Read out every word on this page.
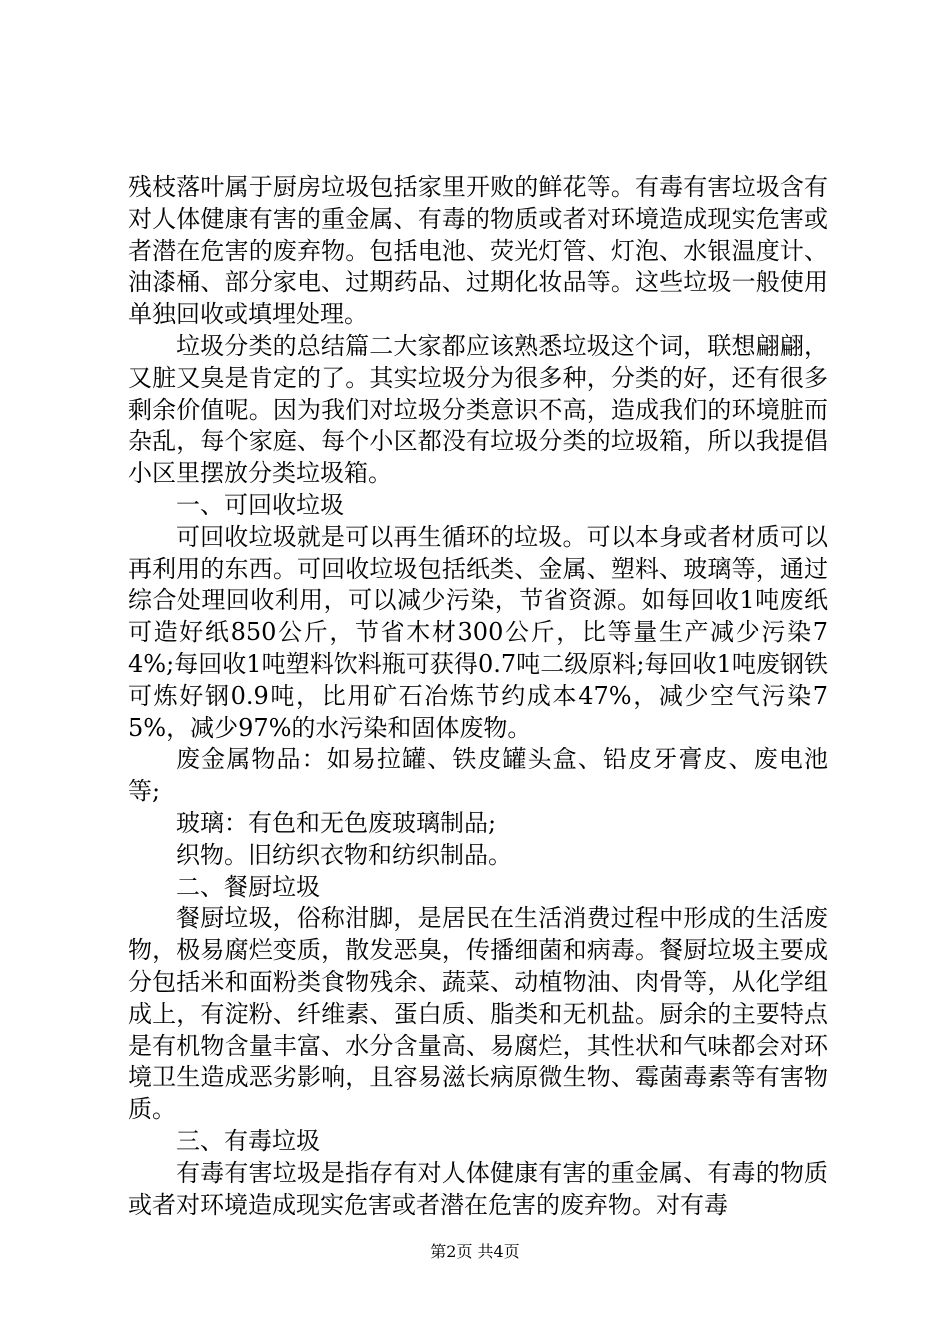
残枝落叶属于厨房垃圾包括家里开败的鲜花等。有毒有害垃圾含有对人体健康有害的重金属、有毒的物质或者对环境造成现实危害或者潜在危害的废弃物。包括电池、荧光灯管、灯泡、水银温度计、油漆桶、部分家电、过期药品、过期化妆品等。这些垃圾一般使用单独回收或填埋处理。

垃圾分类的总结篇二大家都应该熟悉垃圾这个词，联想翩翩，又脏又臭是肯定的了。其实垃圾分为很多种，分类的好，还有很多剩余价值呢。因为我们对垃圾分类意识不高，造成我们的环境脏而杂乱，每个家庭、每个小区都没有垃圾分类的垃圾箱，所以我提倡小区里摆放分类垃圾箱。

一、可回收垃圾

可回收垃圾就是可以再生循环的垃圾。可以本身或者材质可以再利用的东西。可回收垃圾包括纸类、金属、塑料、玻璃等，通过综合处理回收利用，可以减少污染，节省资源。如每回收1吨废纸可造好纸850公斤，节省木材300公斤，比等量生产减少污染74%;每回收1吨塑料饮料瓶可获得0.7吨二级原料;每回收1吨废钢铁可炼好钢0.9吨，比用矿石冶炼节约成本47%，减少空气污染75%，减少97%的水污染和固体废物。

废金属物品：如易拉罐、铁皮罐头盒、铅皮牙膏皮、废电池等;

玻璃：有色和无色废玻璃制品;

织物。旧纺织衣物和纺织制品。

二、餐厨垃圾

餐厨垃圾，俗称泔脚，是居民在生活消费过程中形成的生活废物，极易腐烂变质，散发恶臭，传播细菌和病毒。餐厨垃圾主要成分包括米和面粉类食物残余、蔬菜、动植物油、肉骨等，从化学组成上，有淀粉、纤维素、蛋白质、脂类和无机盐。厨余的主要特点是有机物含量丰富、水分含量高、易腐烂，其性状和气味都会对环境卫生造成恶劣影响，且容易滋长病原微生物、霉菌毒素等有害物质。

三、有毒垃圾

有毒有害垃圾是指存有对人体健康有害的重金属、有毒的物质或者对环境造成现实危害或者潜在危害的废弃物。对有毒

第2页 共4页
